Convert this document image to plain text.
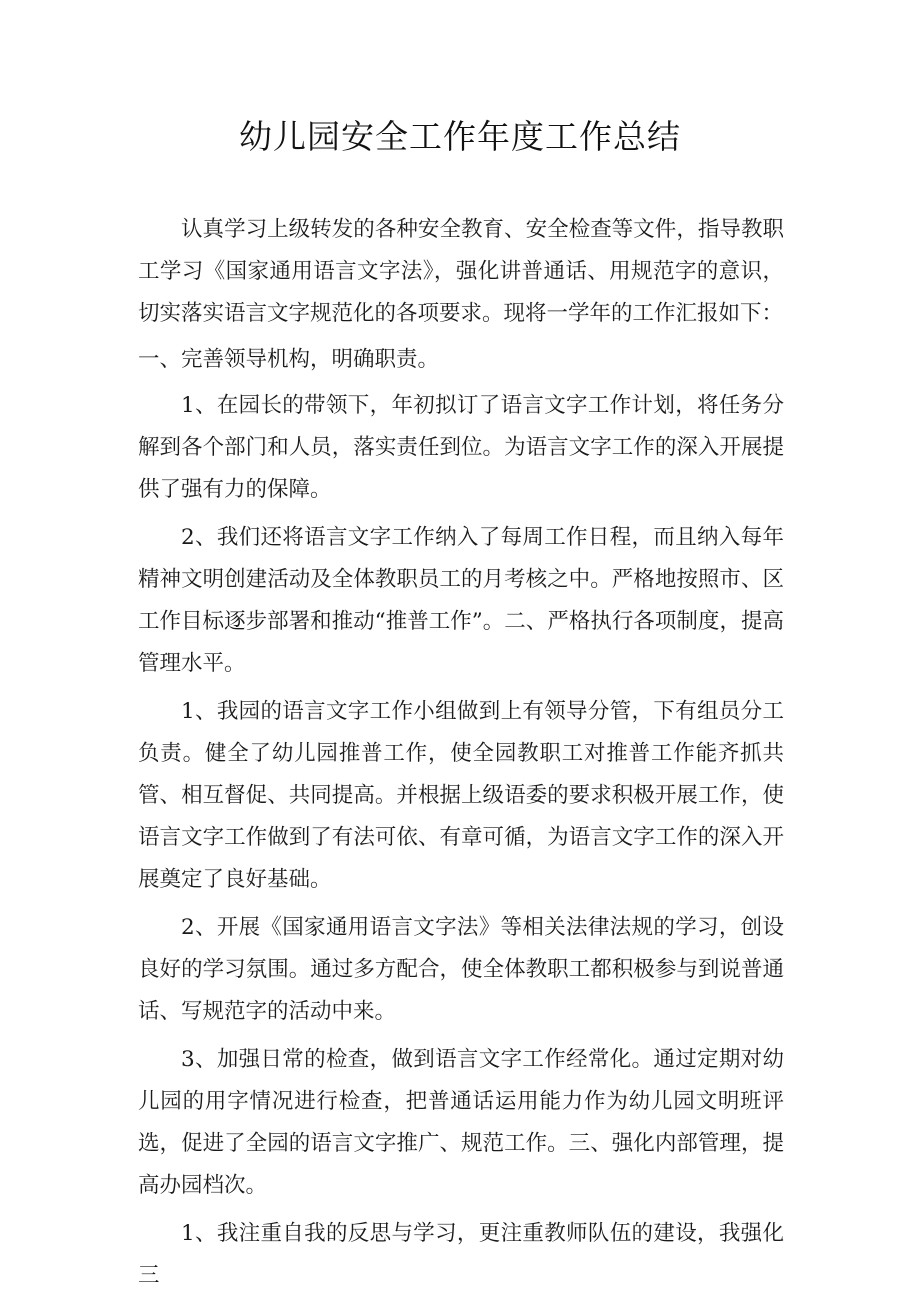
幼儿园安全工作年度工作总结

认真学习上级转发的各种安全教育、安全检查等文件，指导教职工学习《国家通用语言文字法》，强化讲普通话、用规范字的意识，切实落实语言文字规范化的各项要求。现将一学年的工作汇报如下：

一、完善领导机构，明确职责。

1、在园长的带领下，年初拟订了语言文字工作计划，将任务分解到各个部门和人员，落实责任到位。为语言文字工作的深入开展提供了强有力的保障。

2、我们还将语言文字工作纳入了每周工作日程，而且纳入每年精神文明创建活动及全体教职员工的月考核之中。严格地按照市、区工作目标逐步部署和推动“推普工作”。二、严格执行各项制度，提高管理水平。

1、我园的语言文字工作小组做到上有领导分管，下有组员分工负责。健全了幼儿园推普工作，使全园教职工对推普工作能齐抓共管、相互督促、共同提高。并根据上级语委的要求积极开展工作，使语言文字工作做到了有法可依、有章可循，为语言文字工作的深入开展奠定了良好基础。

2、开展《国家通用语言文字法》等相关法律法规的学习，创设良好的学习氛围。通过多方配合，使全体教职工都积极参与到说普通话、写规范字的活动中来。

3、加强日常的检查，做到语言文字工作经常化。通过定期对幼儿园的用字情况进行检查，把普通话运用能力作为幼儿园文明班评选，促进了全园的语言文字推广、规范工作。三、强化内部管理，提高办园档次。

1、我注重自我的反思与学习，更注重教师队伍的建设，我强化三
